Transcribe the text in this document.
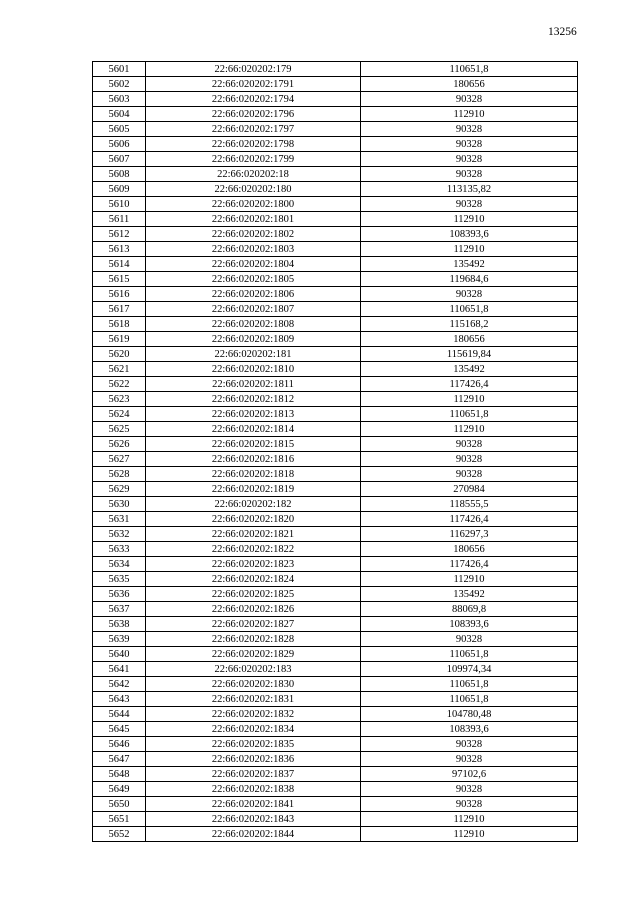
13256
5601	22:66:020202:179	110651,8
5602	22:66:020202:1791	180656
5603	22:66:020202:1794	90328
5604	22:66:020202:1796	112910
5605	22:66:020202:1797	90328
5606	22:66:020202:1798	90328
5607	22:66:020202:1799	90328
5608	22:66:020202:18	90328
5609	22:66:020202:180	113135,82
5610	22:66:020202:1800	90328
5611	22:66:020202:1801	112910
5612	22:66:020202:1802	108393,6
5613	22:66:020202:1803	112910
5614	22:66:020202:1804	135492
5615	22:66:020202:1805	119684,6
5616	22:66:020202:1806	90328
5617	22:66:020202:1807	110651,8
5618	22:66:020202:1808	115168,2
5619	22:66:020202:1809	180656
5620	22:66:020202:181	115619,84
5621	22:66:020202:1810	135492
5622	22:66:020202:1811	117426,4
5623	22:66:020202:1812	112910
5624	22:66:020202:1813	110651,8
5625	22:66:020202:1814	112910
5626	22:66:020202:1815	90328
5627	22:66:020202:1816	90328
5628	22:66:020202:1818	90328
5629	22:66:020202:1819	270984
5630	22:66:020202:182	118555,5
5631	22:66:020202:1820	117426,4
5632	22:66:020202:1821	116297,3
5633	22:66:020202:1822	180656
5634	22:66:020202:1823	117426,4
5635	22:66:020202:1824	112910
5636	22:66:020202:1825	135492
5637	22:66:020202:1826	88069,8
5638	22:66:020202:1827	108393,6
5639	22:66:020202:1828	90328
5640	22:66:020202:1829	110651,8
5641	22:66:020202:183	109974,34
5642	22:66:020202:1830	110651,8
5643	22:66:020202:1831	110651,8
5644	22:66:020202:1832	104780,48
5645	22:66:020202:1834	108393,6
5646	22:66:020202:1835	90328
5647	22:66:020202:1836	90328
5648	22:66:020202:1837	97102,6
5649	22:66:020202:1838	90328
5650	22:66:020202:1841	90328
5651	22:66:020202:1843	112910
5652	22:66:020202:1844	112910
